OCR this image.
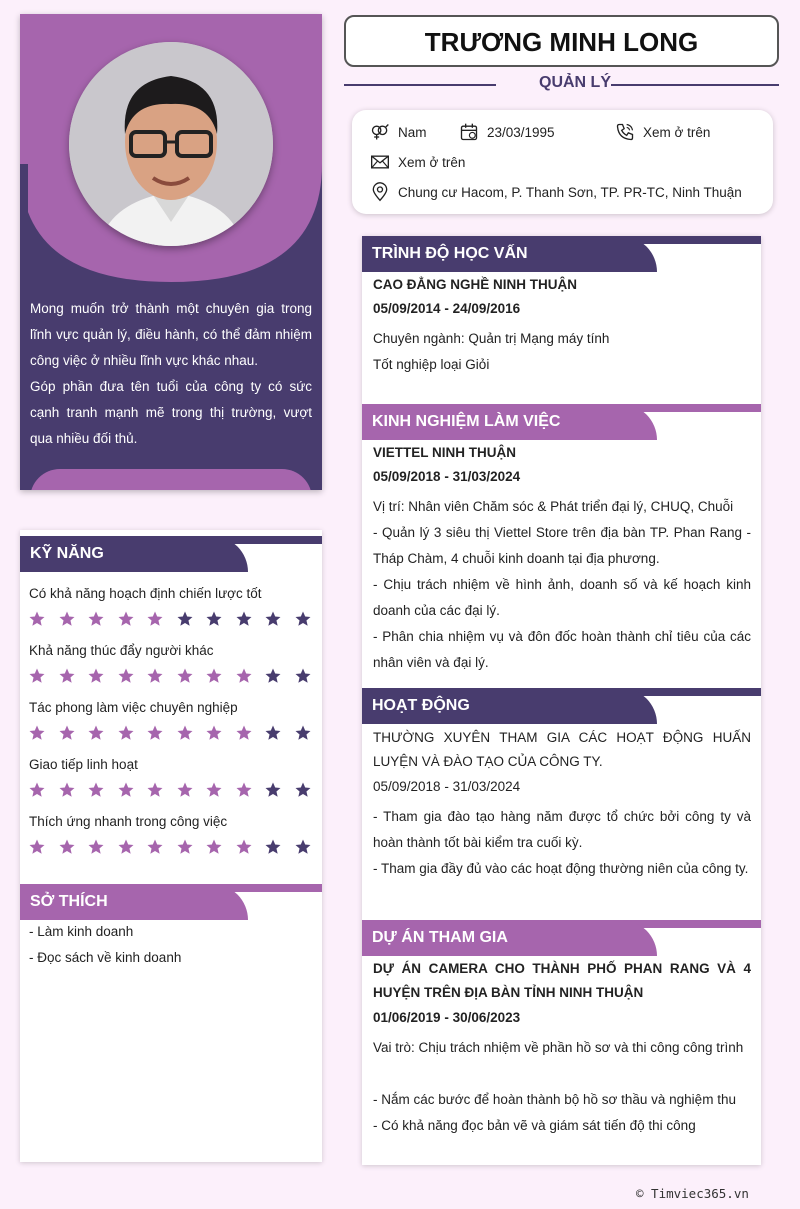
Mong muốn trở thành một chuyên gia trong lĩnh vực quản lý, điều hành, có thể đảm nhiệm công việc ở nhiều lĩnh vực khác nhau.
Góp phần đưa tên tuổi của công ty có sức cạnh tranh mạnh mẽ trong thị trường, vượt qua nhiều đối thủ.
KỸ NĂNG
Có khả năng hoạch định chiến lược tốt
Khả năng thúc đẩy người khác
Tác phong làm việc chuyên nghiệp
Giao tiếp linh hoạt
Thích ứng nhanh trong công việc
SỞ THÍCH
- Làm kinh doanh
- Đọc sách về kinh doanh
TRƯƠNG MINH LONG
QUẢN LÝ
Nam	23/03/1995	Xem ở trên
Xem ở trên
Chung cư Hacom, P. Thanh Sơn, TP. PR-TC, Ninh Thuận
TRÌNH ĐỘ HỌC VẤN
CAO ĐẲNG NGHỀ NINH THUẬN
05/09/2014 - 24/09/2016
Chuyên ngành: Quản trị Mạng máy tính
Tốt nghiệp loại Giỏi
KINH NGHIỆM LÀM VIỆC
VIETTEL NINH THUẬN
05/09/2018 - 31/03/2024
Vị trí: Nhân viên Chăm sóc & Phát triển đại lý, CHUQ, Chuỗi
- Quản lý 3 siêu thị Viettel Store trên địa bàn TP. Phan Rang - Tháp Chàm, 4 chuỗi kinh doanh tại địa phương.
- Chịu trách nhiệm về hình ảnh, doanh số và kế hoạch kinh doanh của các đại lý.
- Phân chia nhiệm vụ và đôn đốc hoàn thành chỉ tiêu của các nhân viên và đại lý.
HOẠT ĐỘNG
THƯỜNG XUYÊN THAM GIA CÁC HOẠT ĐỘNG HUẤN LUYỆN VÀ ĐÀO TẠO CỦA CÔNG TY.
05/09/2018 - 31/03/2024
- Tham gia đào tạo hàng năm được tổ chức bởi công ty và hoàn thành tốt bài kiểm tra cuối kỳ.
- Tham gia đầy đủ vào các hoạt động thường niên của công ty.
DỰ ÁN THAM GIA
DỰ ÁN CAMERA CHO THÀNH PHỐ PHAN RANG VÀ 4 HUYỆN TRÊN ĐỊA BÀN TỈNH NINH THUẬN
01/06/2019 - 30/06/2023
Vai trò: Chịu trách nhiệm về phần hồ sơ và thi công công trình
- Nắm các bước để hoàn thành bộ hồ sơ thầu và nghiệm thu
- Có khả năng đọc bản vẽ và giám sát tiến độ thi công
© Timviec365.vn
